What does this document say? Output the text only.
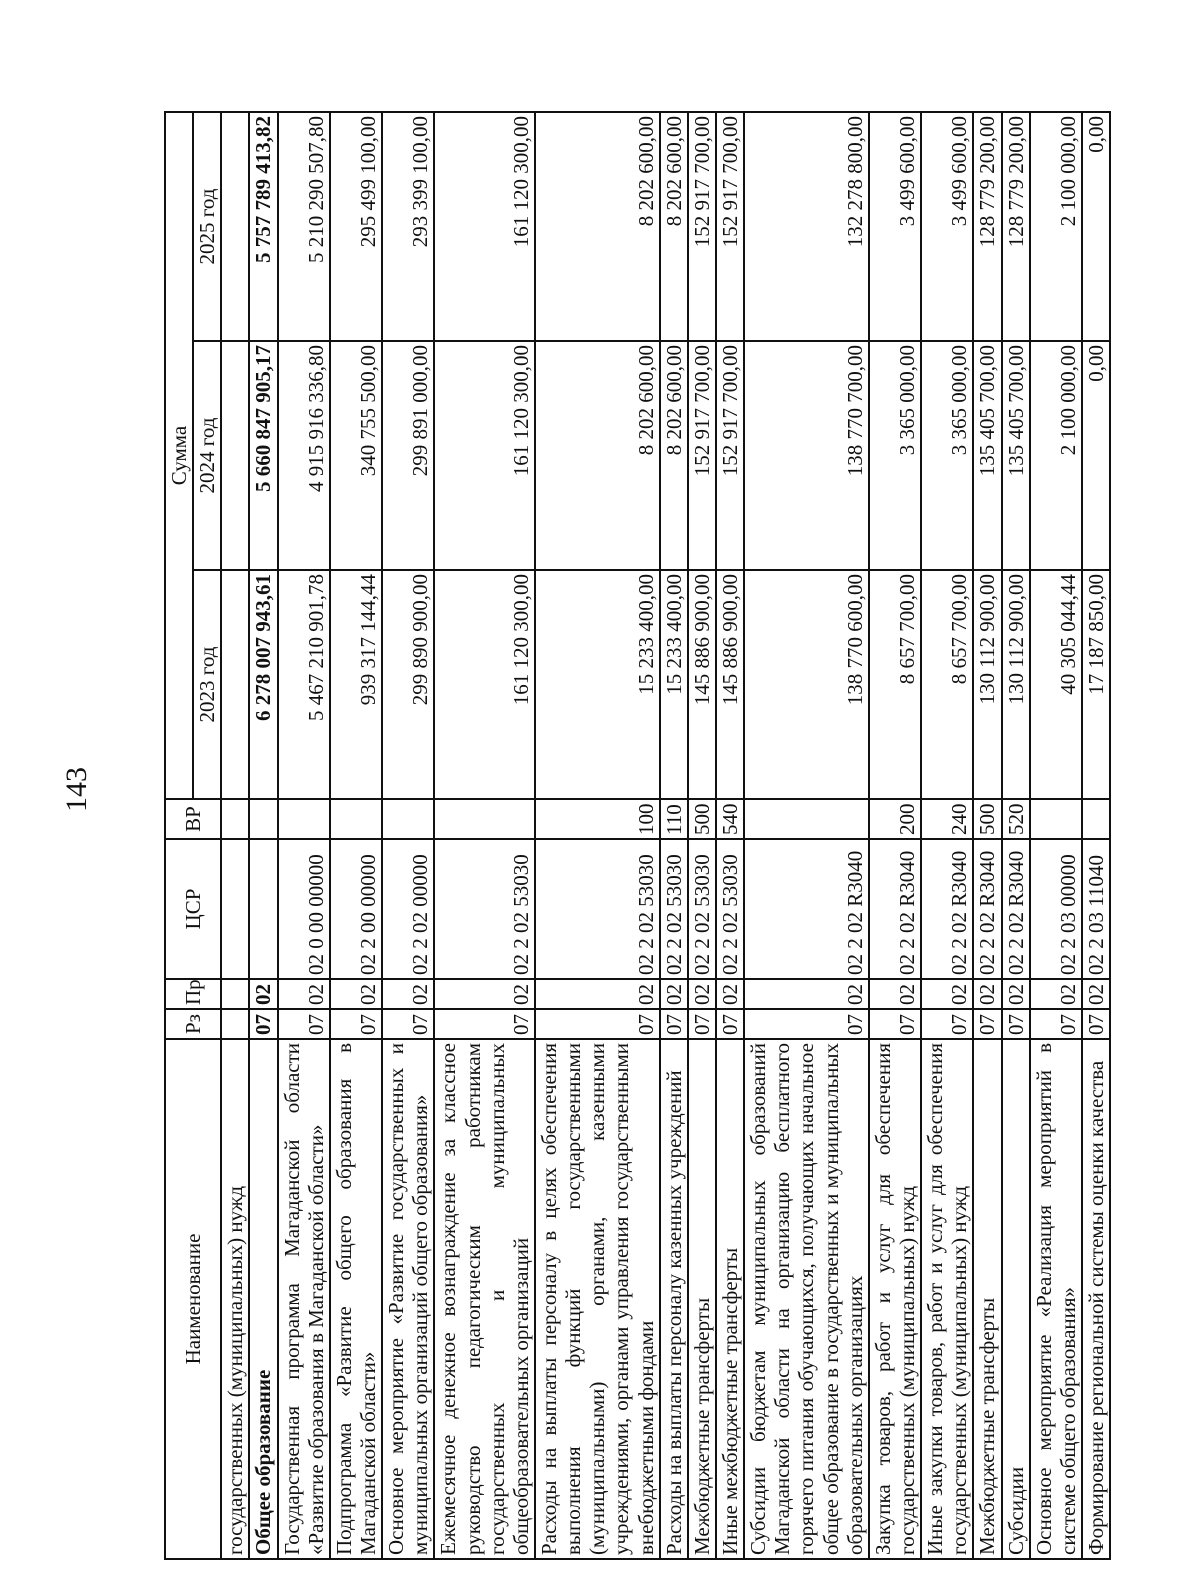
143
Наименование	Рз	Пр	ЦСР	ВР	Сумма		
					2023 год	2024 год	2025 год
государственных (муниципальных) нужд							
Общее образование	07	02			6 278 007 943,61	5 660 847 905,17	5 757 789 413,82
Государственная программа Магаданской области «Развитие образования в Магаданской области»	07	02	02 0 00 00000		5 467 210 901,78	4 915 916 336,80	5 210 290 507,80
Подпрограмма «Развитие общего образования в Магаданской области»	07	02	02 2 00 00000		939 317 144,44	340 755 500,00	295 499 100,00
Основное мероприятие «Развитие государственных и муниципальных организаций общего образования»	07	02	02 2 02 00000		299 890 900,00	299 891 000,00	293 399 100,00
Ежемесячное денежное вознаграждение за классное руководство педагогическим работникам государственных и муниципальных общеобразовательных организаций	07	02	02 2 02 53030		161 120 300,00	161 120 300,00	161 120 300,00
Расходы на выплаты персоналу в целях обеспечения выполнения функций государственными (муниципальными) органами, казенными учреждениями, органами управления государственными внебюджетными фондами	07	02	02 2 02 53030	100	15 233 400,00	8 202 600,00	8 202 600,00
Расходы на выплаты персоналу казенных учреждений	07	02	02 2 02 53030	110	15 233 400,00	8 202 600,00	8 202 600,00
Межбюджетные трансферты	07	02	02 2 02 53030	500	145 886 900,00	152 917 700,00	152 917 700,00
Иные межбюджетные трансферты	07	02	02 2 02 53030	540	145 886 900,00	152 917 700,00	152 917 700,00
Субсидии бюджетам муниципальных образований Магаданской области на организацию бесплатного горячего питания обучающихся, получающих начальное общее образование в государственных и муниципальных образовательных организациях	07	02	02 2 02 R3040		138 770 600,00	138 770 700,00	132 278 800,00
Закупка товаров, работ и услуг для обеспечения государственных (муниципальных) нужд	07	02	02 2 02 R3040	200	8 657 700,00	3 365 000,00	3 499 600,00
Иные закупки товаров, работ и услуг для обеспечения государственных (муниципальных) нужд	07	02	02 2 02 R3040	240	8 657 700,00	3 365 000,00	3 499 600,00
Межбюджетные трансферты	07	02	02 2 02 R3040	500	130 112 900,00	135 405 700,00	128 779 200,00
Субсидии	07	02	02 2 02 R3040	520	130 112 900,00	135 405 700,00	128 779 200,00
Основное мероприятие «Реализация мероприятий в системе общего образования»	07	02	02 2 03 00000		40 305 044,44	2 100 000,00	2 100 000,00
Формирование региональной системы оценки качества	07	02	02 2 03 11040		17 187 850,00	0,00	0,00
